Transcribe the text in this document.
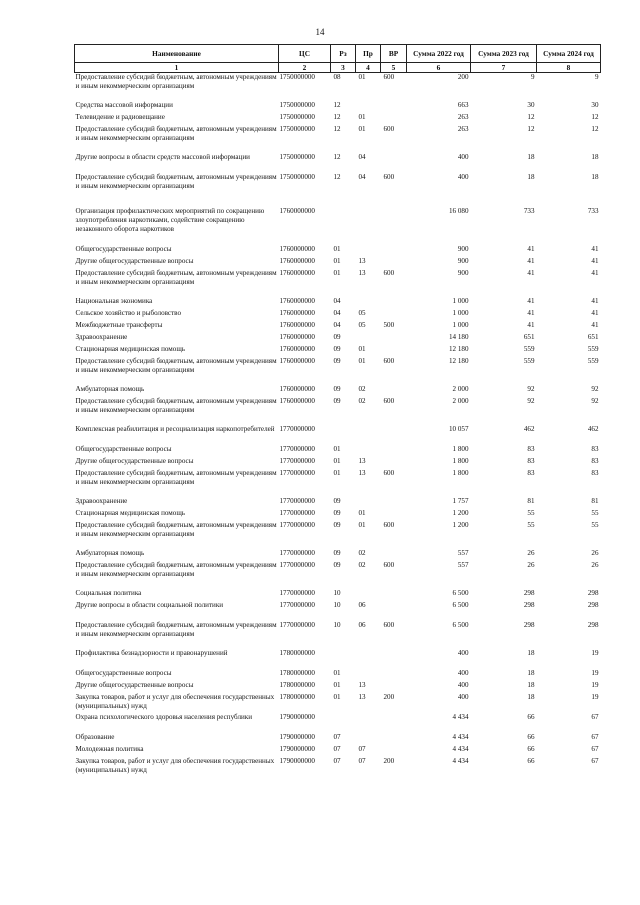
14
Наименование	ЦС	Рз	Пр	ВР	Сумма 2022 год	Сумма 2023 год	Сумма 2024 год
1	2	3	4	5	6	7	8
Предоставление субсидий бюджетным, автономным учреждениям и иным некоммерческим организациям	1750000000	08	01	600	200	9	9

Средства массовой информации	1750000000	12			663	30	30
Телевидение и радиовещание	1750000000	12	01		263	12	12
Предоставление субсидий бюджетным, автономным учреждениям и иным некоммерческим организациям	1750000000	12	01	600	263	12	12

Другие вопросы в области средств массовой информации	1750000000	12	04		400	18	18
Предоставление субсидий бюджетным, автономным учреждениям и иным некоммерческим организациям	1750000000	12	04	600	400	18	18

Организация профилактических мероприятий по сокращению злоупотребления наркотиками, содействие сокращению незаконного оборота наркотиков	1760000000				16 080	733	733
Общегосударственные вопросы	1760000000	01			900	41	41
Другие общегосударственные вопросы	1760000000	01	13		900	41	41
Предоставление субсидий бюджетным, автономным учреждениям и иным некоммерческим организациям	1760000000	01	13	600	900	41	41

Национальная экономика	1760000000	04			1 000	41	41
Сельское хозяйство и рыболовство	1760000000	04	05		1 000	41	41
Межбюджетные трансферты	1760000000	04	05	500	1 000	41	41
Здравоохранение	1760000000	09			14 180	651	651
Стационарная медицинская помощь	1760000000	09	01		12 180	559	559
Предоставление субсидий бюджетным, автономным учреждениям и иным некоммерческим организациям	1760000000	09	01	600	12 180	559	559

Амбулаторная помощь	1760000000	09	02		2 000	92	92
Предоставление субсидий бюджетным, автономным учреждениям и иным некоммерческим организациям	1760000000	09	02	600	2 000	92	92

Комплексная реабилитация и ресоциализация наркопотребителей	1770000000				10 057	462	462
Общегосударственные вопросы	1770000000	01			1 800	83	83
Другие общегосударственные вопросы	1770000000	01	13		1 800	83	83
Предоставление субсидий бюджетным, автономным учреждениям и иным некоммерческим организациям	1770000000	01	13	600	1 800	83	83

Здравоохранение	1770000000	09			1 757	81	81
Стационарная медицинская помощь	1770000000	09	01		1 200	55	55
Предоставление субсидий бюджетным, автономным учреждениям и иным некоммерческим организациям	1770000000	09	01	600	1 200	55	55

Амбулаторная помощь	1770000000	09	02		557	26	26
Предоставление субсидий бюджетным, автономным учреждениям и иным некоммерческим организациям	1770000000	09	02	600	557	26	26

Социальная политика	1770000000	10			6 500	298	298
Другие вопросы в области социальной политики	1770000000	10	06		6 500	298	298

Предоставление субсидий бюджетным, автономным учреждениям и иным некоммерческим организациям	1770000000	10	06	600	6 500	298	298

Профилактика безнадзорности и правонарушений	1780000000				400	18	19

Общегосударственные вопросы	1780000000	01			400	18	19
Другие общегосударственные вопросы	1780000000	01	13		400	18	19
Закупка товаров, работ и услуг для обеспечения государственных (муниципальных) нужд	1780000000	01	13	200	400	18	19
Охрана психологического здоровья населения республики	1790000000				4 434	66	67
Образование	1790000000	07			4 434	66	67
Молодежная политика	1790000000	07	07		4 434	66	67
Закупка товаров, работ и услуг для обеспечения государственных (муниципальных) нужд	1790000000	07	07	200	4 434	66	67
